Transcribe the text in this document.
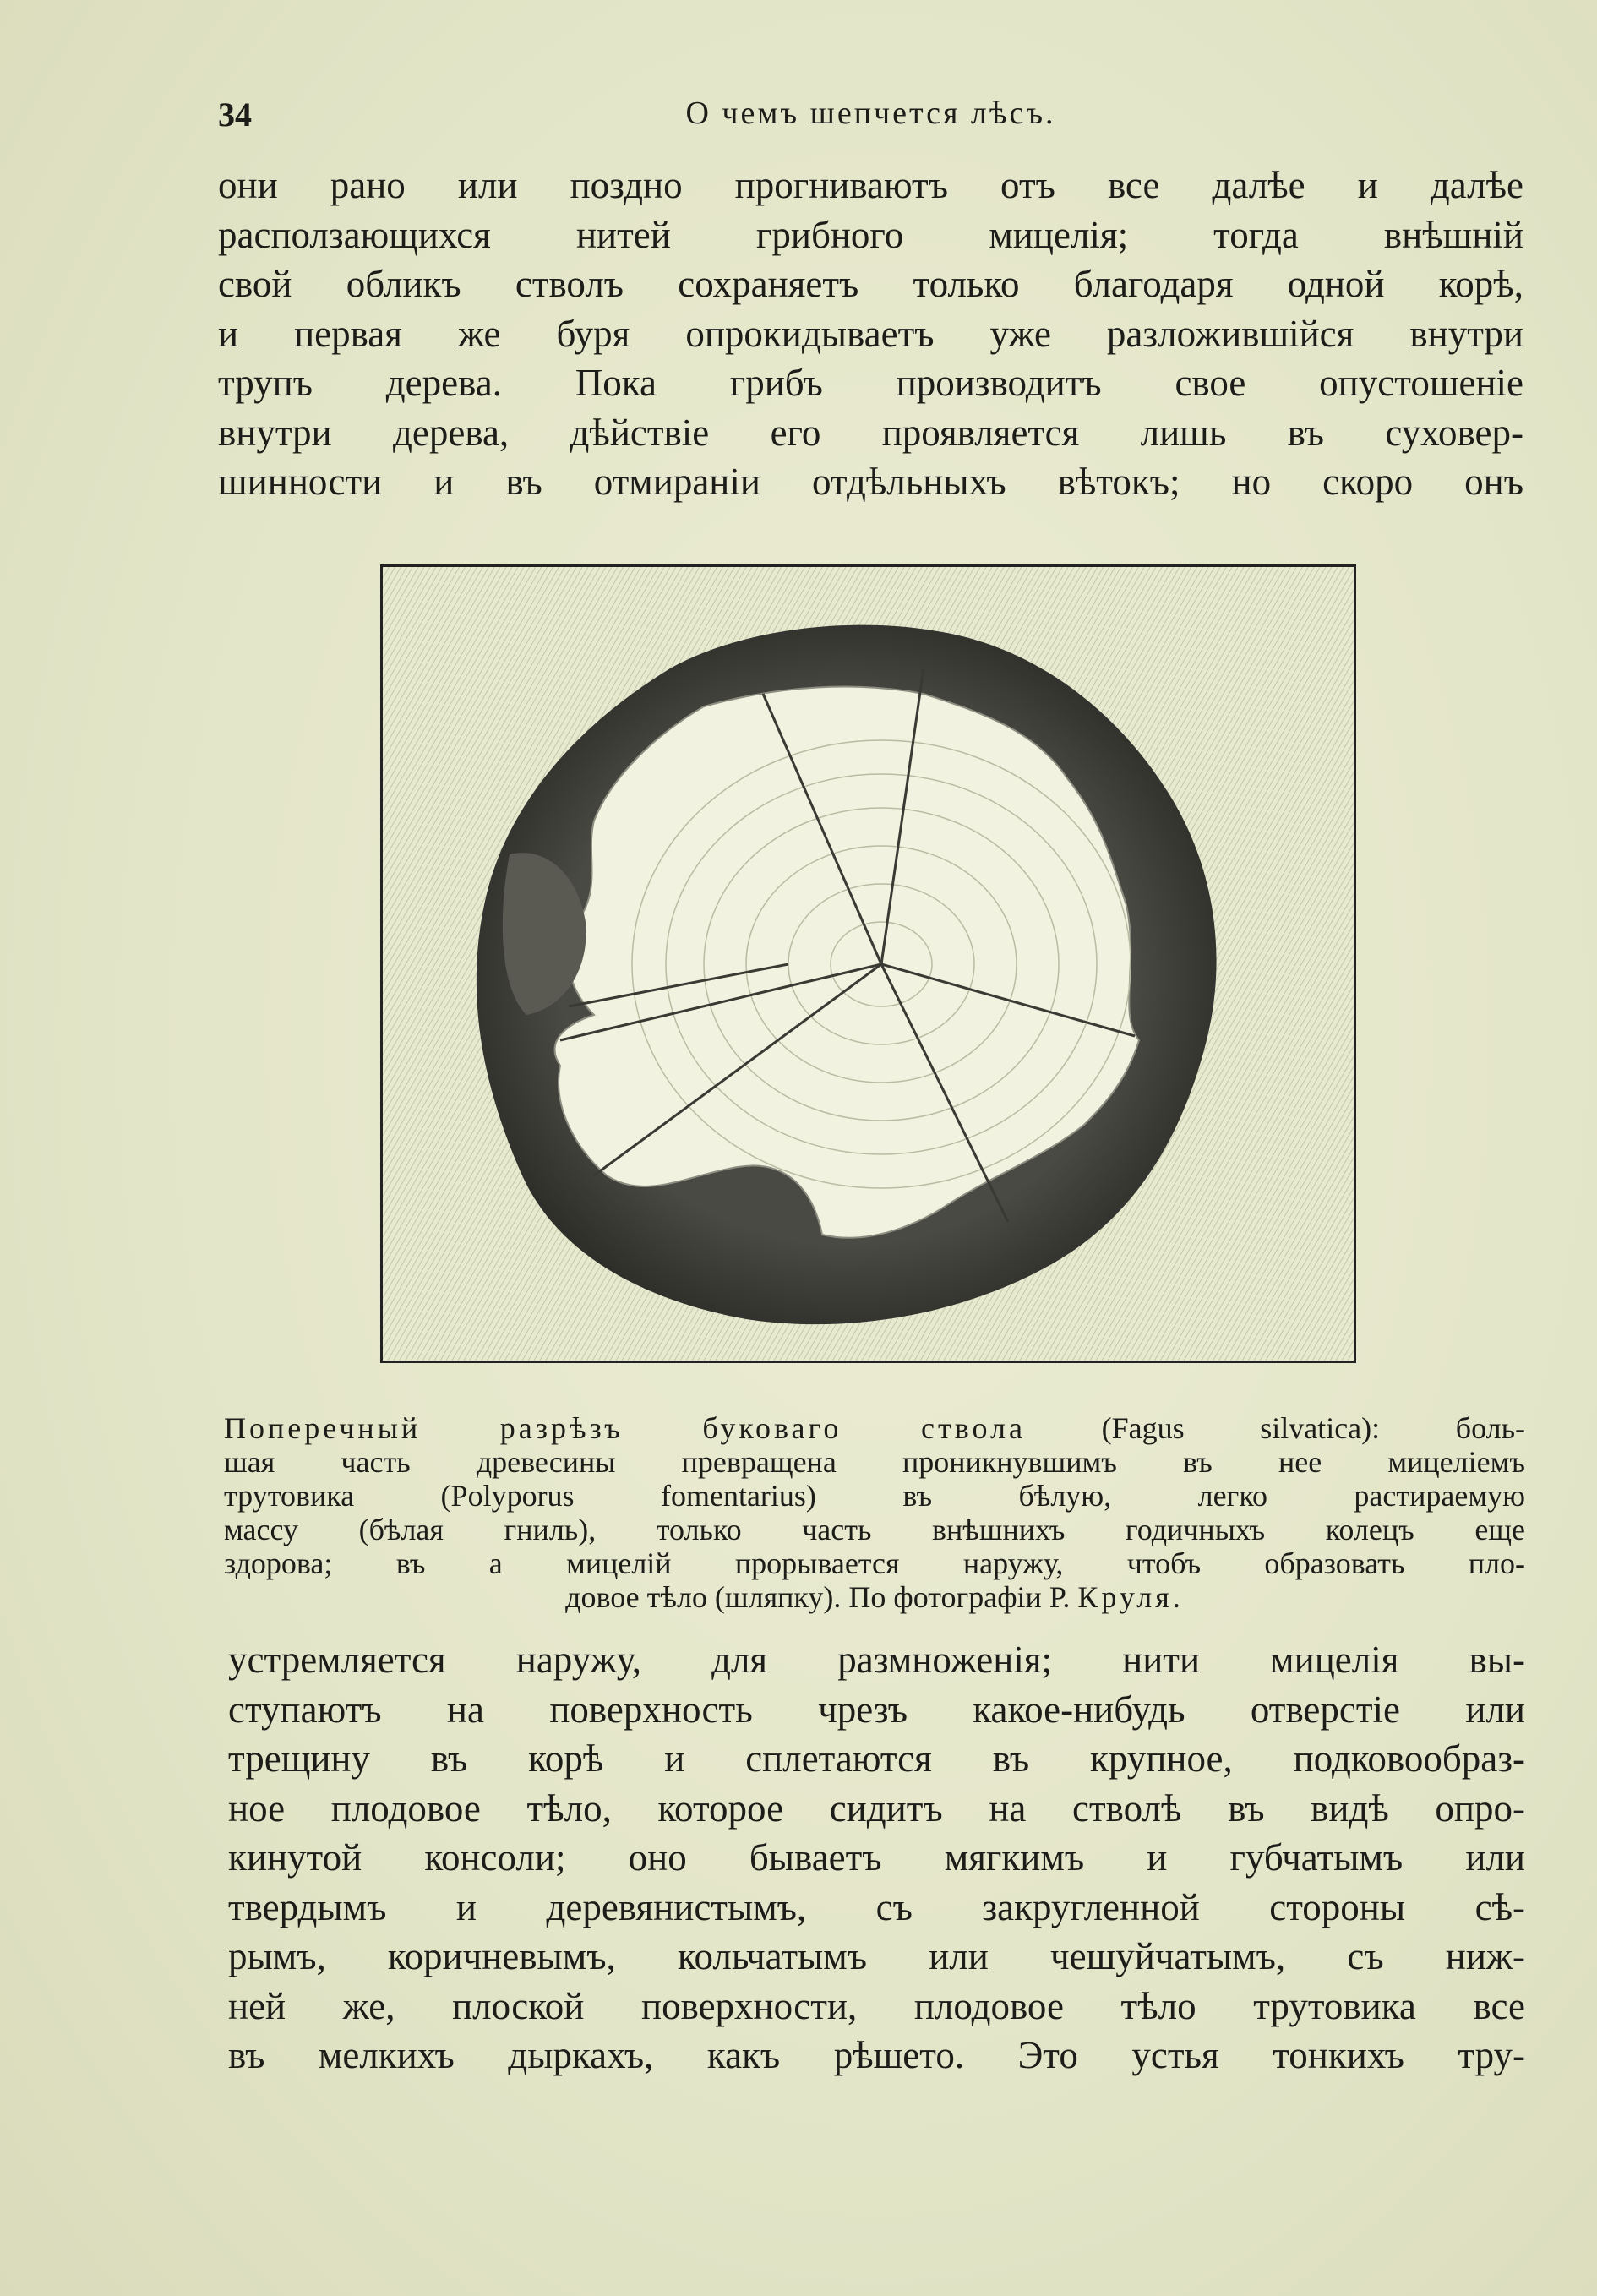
34	О чемъ шепчется лѣсъ.
они рано или поздно прогниваютъ отъ все далѣе и далѣе
расползающихся нитей грибного мицелія; тогда внѣшній
свой обликъ стволъ сохраняетъ только благодаря одной корѣ,
и первая же буря опрокидываетъ уже разложившійся внутри
трупъ дерева. Пока грибъ производитъ свое опустошеніе
внутри дерева, дѣйствіе его проявляется лишь въ суховер-
шинности и въ отмираніи отдѣльныхъ вѣтокъ; но скоро онъ
Поперечный разрѣзъ буковаго ствола (Fagus silvatica): боль-
шая часть древесины превращена проникнувшимъ въ нее мицеліемъ
трутовика (Polyporus fomentarius) въ бѣлую, легко растираемую
массу (бѣлая гниль), только часть внѣшнихъ годичныхъ колецъ еще
здорова; въ а мицелій прорывается наружу, чтобъ образовать пло-
довое тѣло (шляпку). По фотографіи Р. Круля.
устремляется наружу, для размноженія; нити мицелія вы-
ступаютъ на поверхность чрезъ какое-нибудь отверстіе или
трещину въ корѣ и сплетаются въ крупное, подковообраз-
ное плодовое тѣло, которое сидитъ на стволѣ въ видѣ опро-
кинутой консоли; оно бываетъ мягкимъ и губчатымъ или
твердымъ и деревянистымъ, съ закругленной стороны сѣ-
рымъ, коричневымъ, кольчатымъ или чешуйчатымъ, съ ниж-
ней же, плоской поверхности, плодовое тѣло трутовика все
въ мелкихъ дыркахъ, какъ рѣшето. Это устья тонкихъ тру-
